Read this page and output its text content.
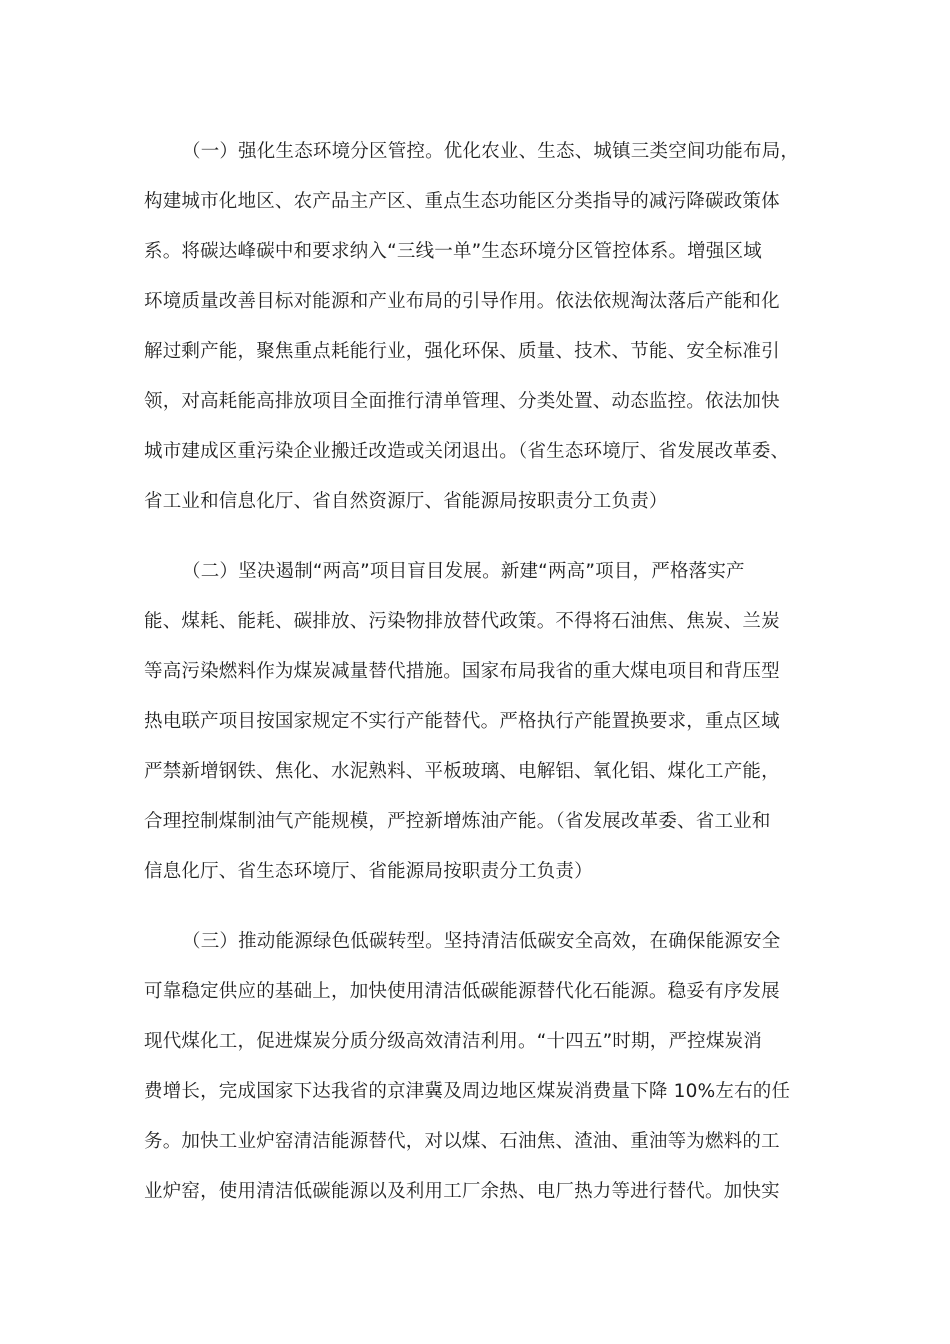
（一）强化生态环境分区管控。优化农业、生态、城镇三类空间功能布局，
构建城市化地区、农产品主产区、重点生态功能区分类指导的减污降碳政策体
系。将碳达峰碳中和要求纳入“三线一单”生态环境分区管控体系。增强区域
环境质量改善目标对能源和产业布局的引导作用。依法依规淘汰落后产能和化
解过剩产能，聚焦重点耗能行业，强化环保、质量、技术、节能、安全标准引
领，对高耗能高排放项目全面推行清单管理、分类处置、动态监控。依法加快
城市建成区重污染企业搬迁改造或关闭退出。（省生态环境厅、省发展改革委、
省工业和信息化厅、省自然资源厅、省能源局按职责分工负责）
（二）坚决遏制“两高”项目盲目发展。新建“两高”项目，严格落实产
能、煤耗、能耗、碳排放、污染物排放替代政策。不得将石油焦、焦炭、兰炭
等高污染燃料作为煤炭减量替代措施。国家布局我省的重大煤电项目和背压型
热电联产项目按国家规定不实行产能替代。严格执行产能置换要求，重点区域
严禁新增钢铁、焦化、水泥熟料、平板玻璃、电解铝、氧化铝、煤化工产能，
合理控制煤制油气产能规模，严控新增炼油产能。（省发展改革委、省工业和
信息化厅、省生态环境厅、省能源局按职责分工负责）
（三）推动能源绿色低碳转型。坚持清洁低碳安全高效，在确保能源安全
可靠稳定供应的基础上，加快使用清洁低碳能源替代化石能源。稳妥有序发展
现代煤化工，促进煤炭分质分级高效清洁利用。“十四五”时期，严控煤炭消
费增长，完成国家下达我省的京津冀及周边地区煤炭消费量下降 10%左右的任
务。加快工业炉窑清洁能源替代，对以煤、石油焦、渣油、重油等为燃料的工
业炉窑，使用清洁低碳能源以及利用工厂余热、电厂热力等进行替代。加快实
